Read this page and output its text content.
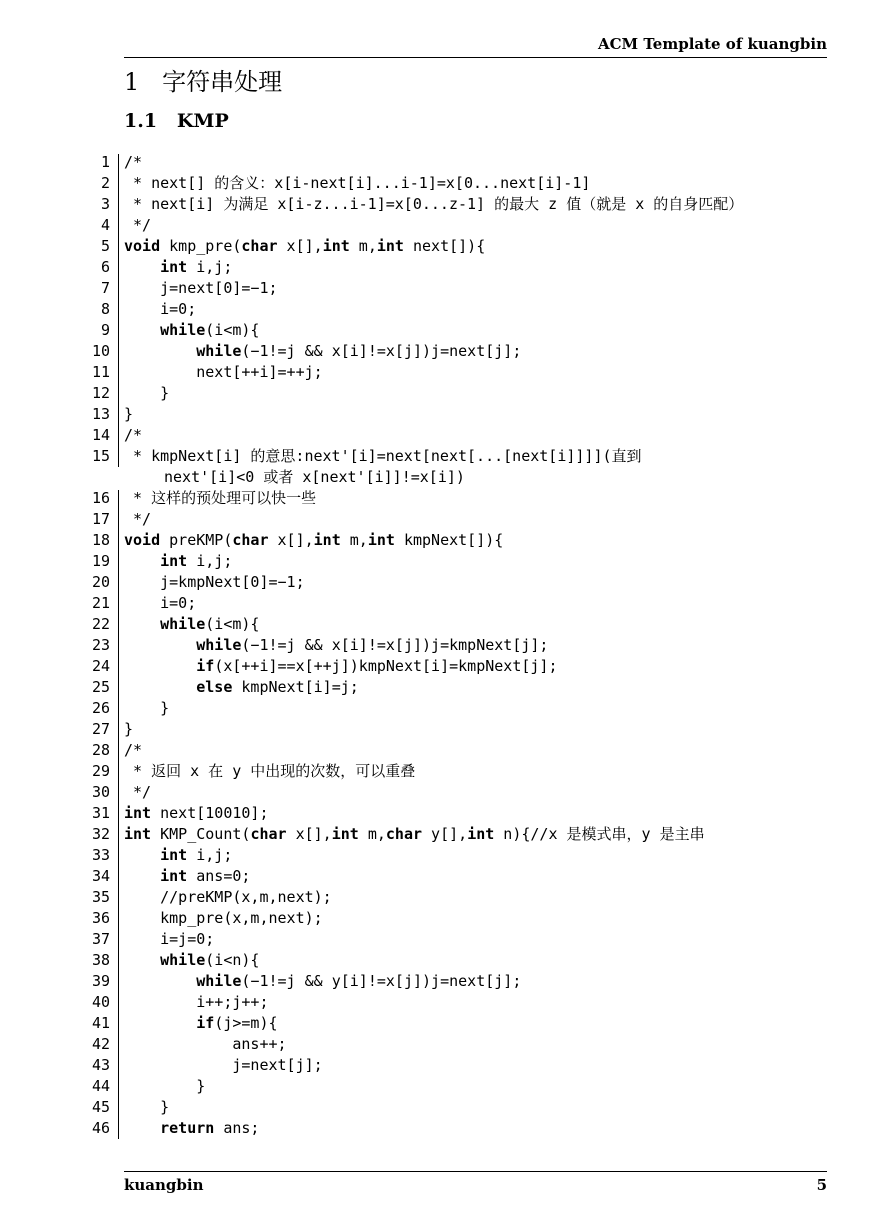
ACM Template of kuangbin
1 字符串处理
1.1 KMP
1 /*
2 * next[] 的含义：x[i-next[i]...i-1]=x[0...next[i]-1]
3 * next[i] 为满足 x[i-z...i-1]=x[0...z-1] 的最大 z 值（就是 x 的自身匹配）
4 */
5 void kmp_pre(char x[],int m,int next[]){
6	int i,j;
7 j=next[0]=−1;
8 i=0;
9	while(i<m){
10	while(−1!=j && x[i]!=x[j])j=next[j];
11 next[++i]=++j;
12 }
13 }
14 /*
15 * kmpNext[i] 的意思:next'[i]=next[next[...[next[i]]]](直到
next'[i]<0 或者 x[next'[i]]!=x[i])
16 * 这样的预处理可以快一些
17 */
18 void preKMP(char x[],int m,int kmpNext[]){
19	int i,j;
20 j=kmpNext[0]=−1;
21 i=0;
22	while(i<m){
23	while(−1!=j && x[i]!=x[j])j=kmpNext[j];
24	if(x[++i]==x[++j])kmpNext[i]=kmpNext[j];
25	else kmpNext[i]=j;
26 }
27 }
28 /*
29 * 返回 x 在 y 中出现的次数，可以重叠
30 */
31 int next[10010];
32 int KMP_Count(char x[],int m,char y[],int n){//x 是模式串，y 是主串
33	int i,j;
34	int ans=0;
35 //preKMP(x,m,next);
36 kmp_pre(x,m,next);
37 i=j=0;
38	while(i<n){
39	while(−1!=j && y[i]!=x[j])j=next[j];
40 i++;j++;
41	if(j>=m){
42 ans++;
43 j=next[j];
44 }
45 }
46	return ans;
kuangbin	5
